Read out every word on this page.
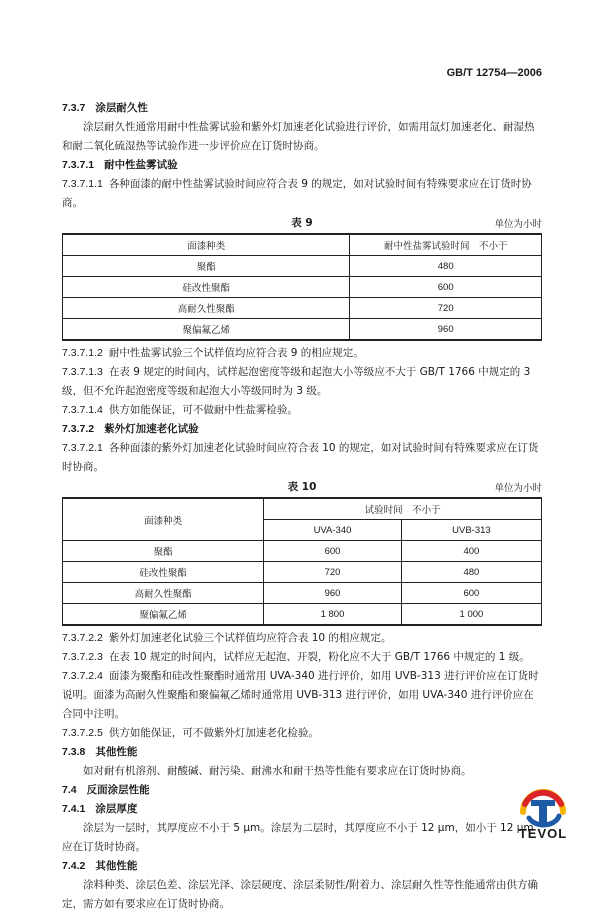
GB/T 12754—2006
7.3.7 涂层耐久性
涂层耐久性通常用耐中性盐雾试验和紫外灯加速老化试验进行评价，如需用氙灯加速老化、耐湿热和耐二氧化硫湿热等试验作进一步评价应在订货时协商。
7.3.7.1 耐中性盐雾试验
7.3.7.1.1 各种面漆的耐中性盐雾试验时间应符合表 9 的规定，如对试验时间有特殊要求应在订货时协商。
表 9	单位为小时
面漆种类	耐中性盐雾试验时间　不小于
聚酯	480
硅改性聚酯	600
高耐久性聚酯	720
聚偏氟乙烯	960
7.3.7.1.2 耐中性盐雾试验三个试样值均应符合表 9 的相应规定。
7.3.7.1.3 在表 9 规定的时间内，试样起泡密度等级和起泡大小等级应不大于 GB/T 1766 中规定的 3 级，但不允许起泡密度等级和起泡大小等级同时为 3 级。
7.3.7.1.4 供方如能保证，可不做耐中性盐雾检验。
7.3.7.2 紫外灯加速老化试验
7.3.7.2.1 各种面漆的紫外灯加速老化试验时间应符合表 10 的规定，如对试验时间有特殊要求应在订货时协商。
表 10	单位为小时
面漆种类	试验时间　不小于	
	UVA-340	UVB-313
聚酯	600	400
硅改性聚酯	720	480
高耐久性聚酯	960	600
聚偏氟乙烯	1 800	1 000
7.3.7.2.2 紫外灯加速老化试验三个试样值均应符合表 10 的相应规定。
7.3.7.2.3 在表 10 规定的时间内，试样应无起泡、开裂，粉化应不大于 GB/T 1766 中规定的 1 级。
7.3.7.2.4 面漆为聚酯和硅改性聚酯时通常用 UVA-340 进行评价，如用 UVB-313 进行评价应在订货时说明。面漆为高耐久性聚酯和聚偏氟乙烯时通常用 UVB-313 进行评价，如用 UVA-340 进行评价应在合同中注明。
7.3.7.2.5 供方如能保证，可不做紫外灯加速老化检验。
7.3.8 其他性能
如对耐有机溶剂、耐酸碱、耐污染、耐沸水和耐干热等性能有要求应在订货时协商。
7.4 反面涂层性能
7.4.1 涂层厚度
涂层为一层时，其厚度应不小于 5 μm。涂层为二层时，其厚度应不小于 12 μm，如小于 12 μm 应在订货时协商。
7.4.2 其他性能
涂料种类、涂层色差、涂层光泽、涂层硬度、涂层柔韧性/附着力、涂层耐久性等性能通常由供方确定，需方如有要求应在订货时协商。
TEVOL
